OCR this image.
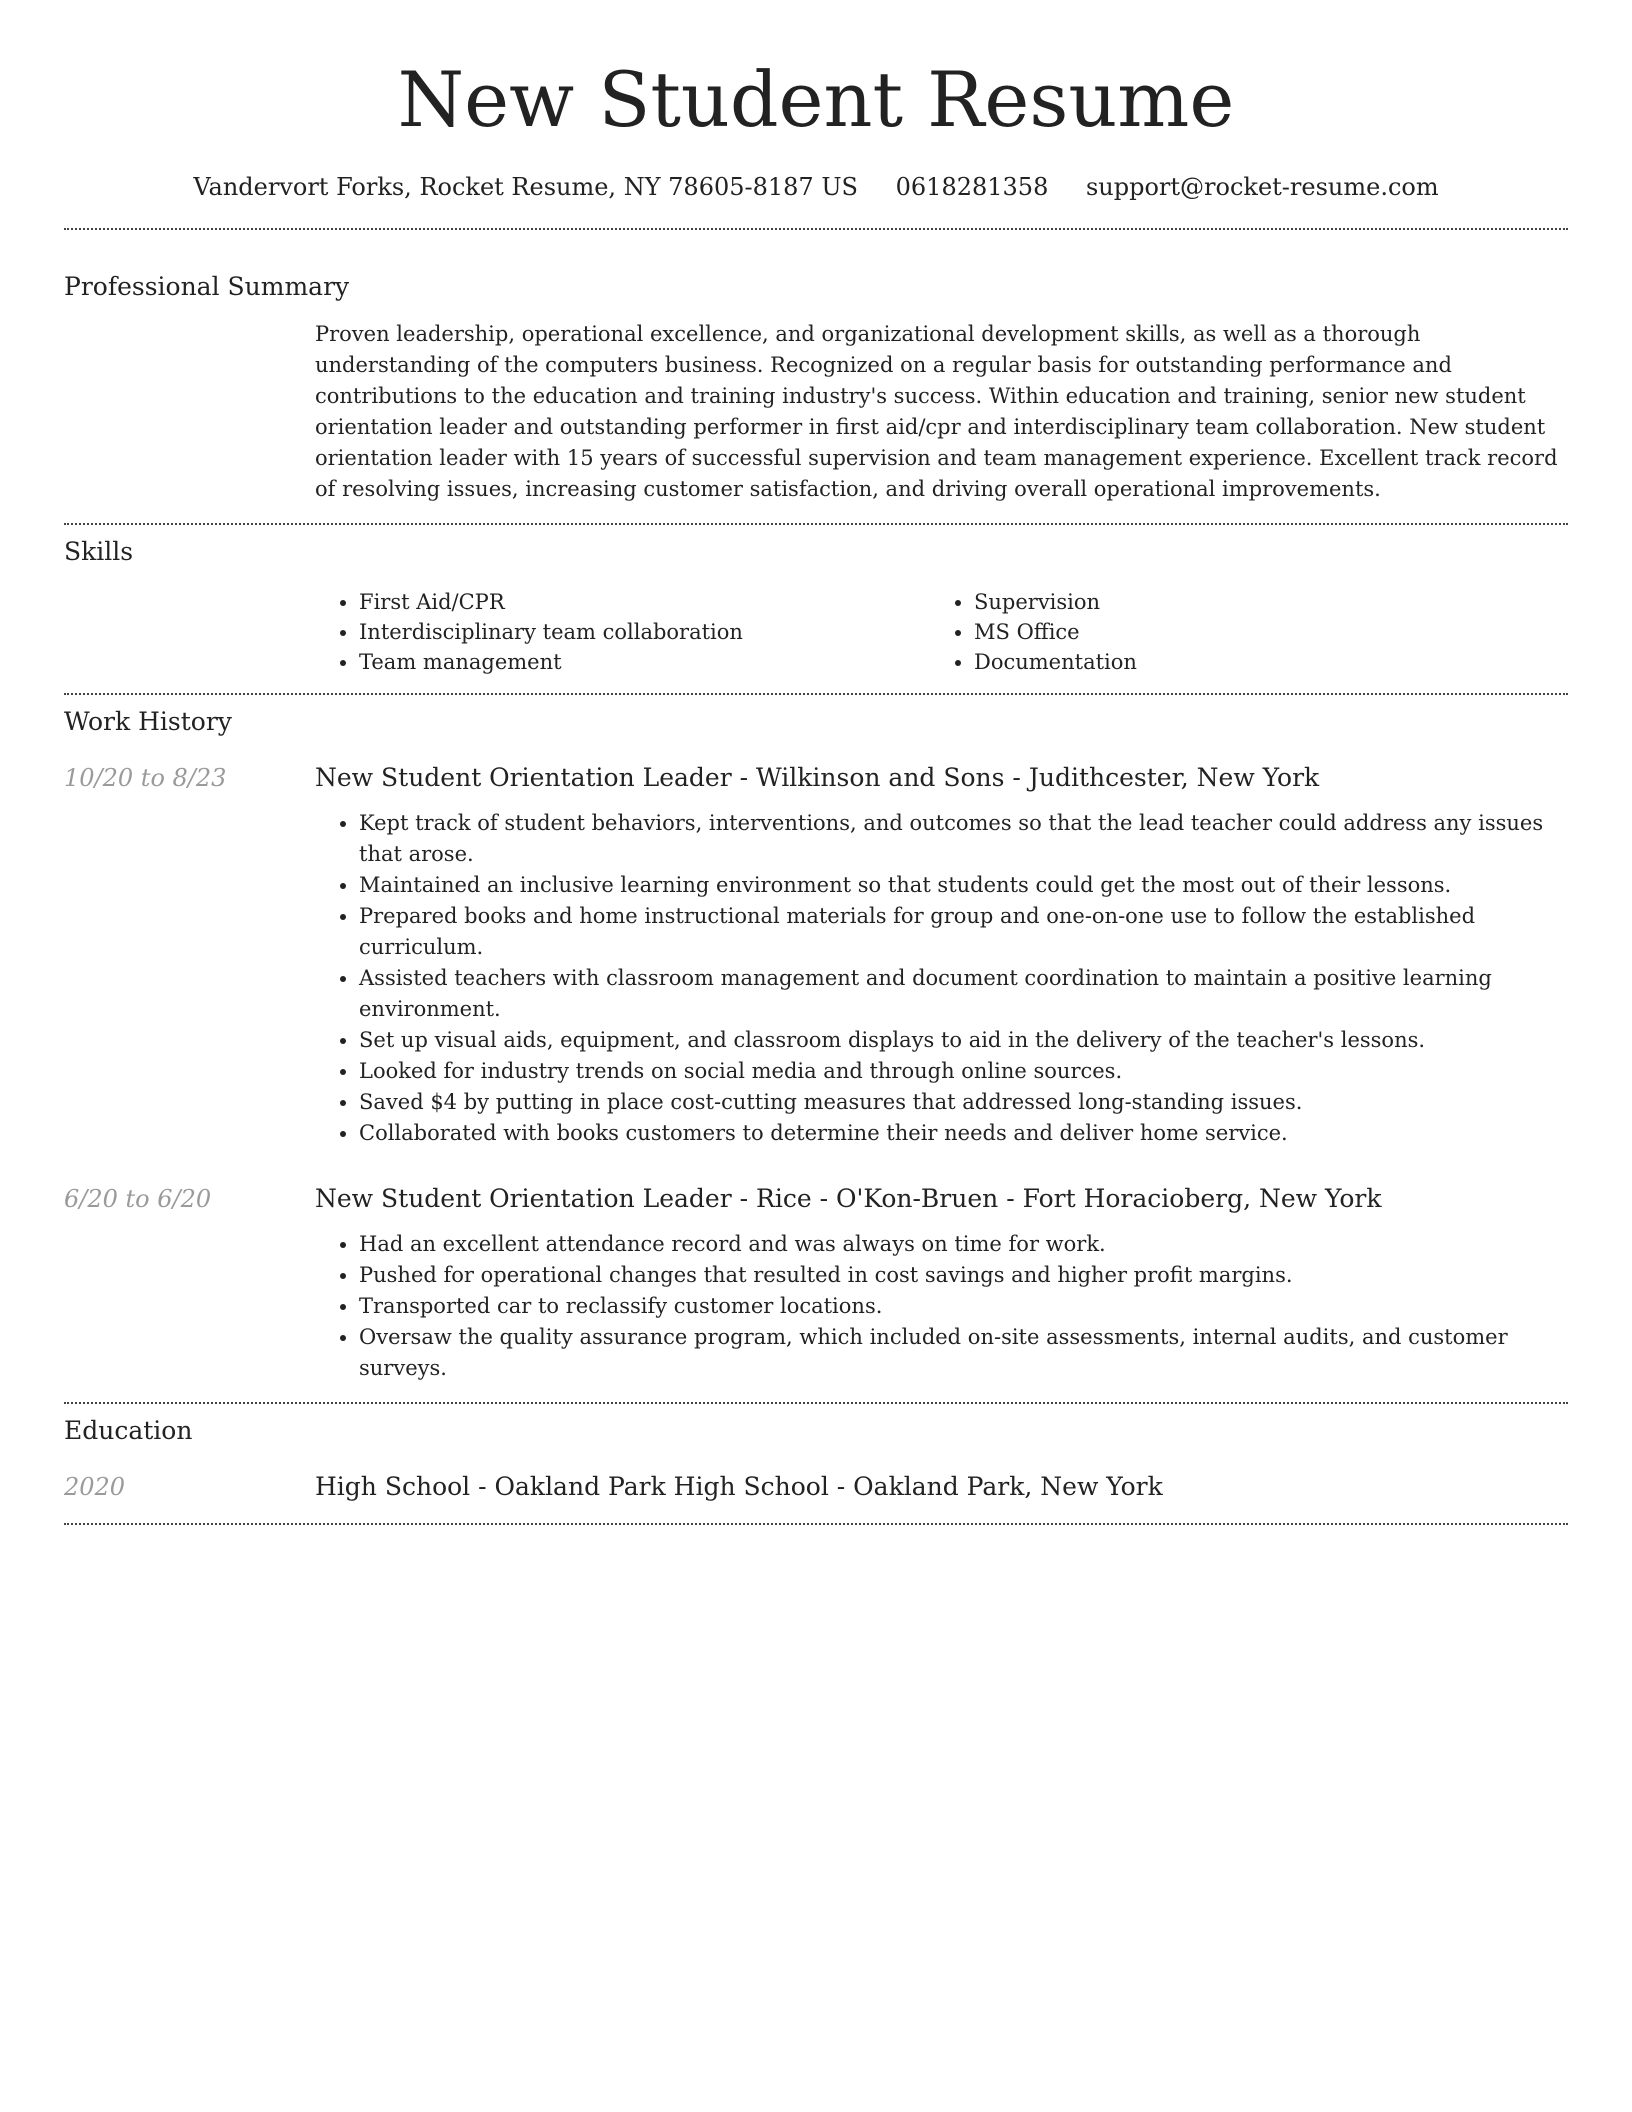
New Student Resume
Vandervort Forks, Rocket Resume, NY 78605-8187 US 0618281358 support@rocket-resume.com
Professional Summary

Proven leadership, operational excellence, and organizational development skills, as well as a thorough understanding of the computers business. Recognized on a regular basis for outstanding performance and contributions to the education and training industry's success. Within education and training, senior new student orientation leader and outstanding performer in first aid/cpr and interdisciplinary team collaboration. New student orientation leader with 15 years of successful supervision and team management experience. Excellent track record of resolving issues, increasing customer satisfaction, and driving overall operational improvements.

Skills
• First Aid/CPR
• Interdisciplinary team collaboration
• Team management
• Supervision
• MS Office
• Documentation
Work History
10/20 to 8/23	New Student Orientation Leader - Wilkinson and Sons - Judithcester, New York
• Kept track of student behaviors, interventions, and outcomes so that the lead teacher could address any issues that arose.
• Maintained an inclusive learning environment so that students could get the most out of their lessons.
• Prepared books and home instructional materials for group and one-on-one use to follow the established curriculum.
• Assisted teachers with classroom management and document coordination to maintain a positive learning environment.
• Set up visual aids, equipment, and classroom displays to aid in the delivery of the teacher's lessons.
• Looked for industry trends on social media and through online sources.
• Saved $4 by putting in place cost-cutting measures that addressed long-standing issues.
• Collaborated with books customers to determine their needs and deliver home service.
6/20 to 6/20	New Student Orientation Leader - Rice - O'Kon-Bruen - Fort Horacioberg, New York
• Had an excellent attendance record and was always on time for work.
• Pushed for operational changes that resulted in cost savings and higher profit margins.
• Transported car to reclassify customer locations.
• Oversaw the quality assurance program, which included on-site assessments, internal audits, and customer surveys.
Education
2020	High School - Oakland Park High School - Oakland Park, New York
